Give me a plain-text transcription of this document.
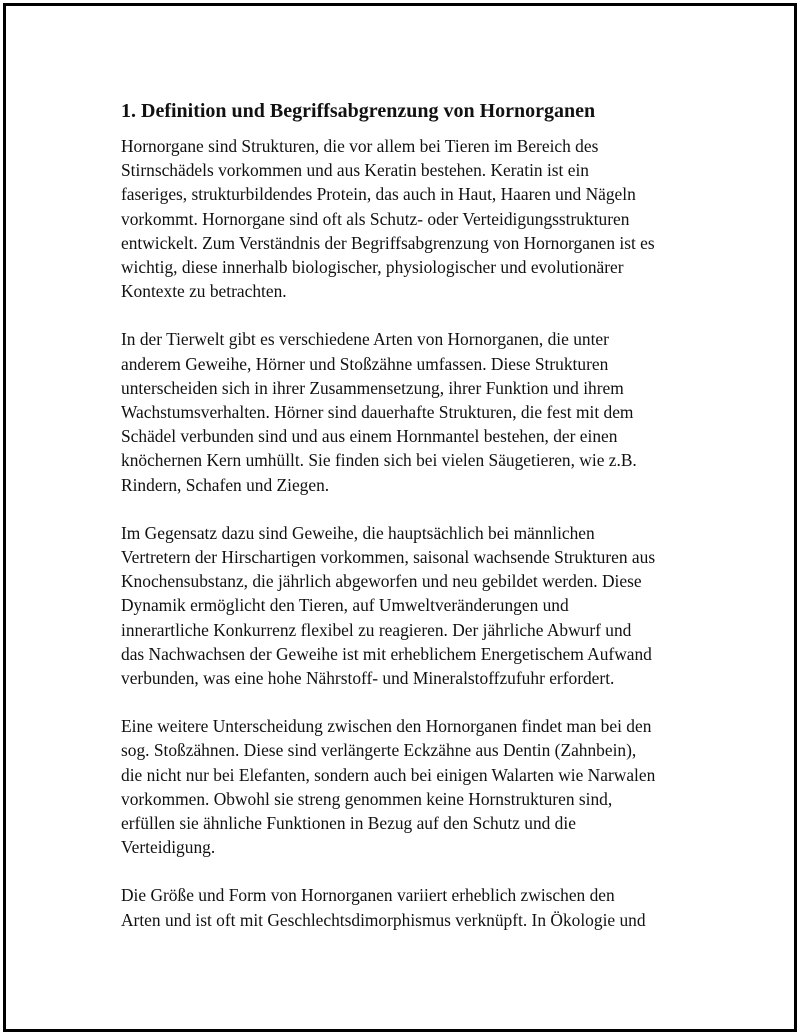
1. Definition und Begriffsabgrenzung von Hornorganen

Hornorgane sind Strukturen, die vor allem bei Tieren im Bereich des
Stirnschädels vorkommen und aus Keratin bestehen. Keratin ist ein
faseriges, strukturbildendes Protein, das auch in Haut, Haaren und Nägeln
vorkommt. Hornorgane sind oft als Schutz- oder Verteidigungsstrukturen
entwickelt. Zum Verständnis der Begriffsabgrenzung von Hornorganen ist es
wichtig, diese innerhalb biologischer, physiologischer und evolutionärer
Kontexte zu betrachten.

In der Tierwelt gibt es verschiedene Arten von Hornorganen, die unter
anderem Geweihe, Hörner und Stoßzähne umfassen. Diese Strukturen
unterscheiden sich in ihrer Zusammensetzung, ihrer Funktion und ihrem
Wachstumsverhalten. Hörner sind dauerhafte Strukturen, die fest mit dem
Schädel verbunden sind und aus einem Hornmantel bestehen, der einen
knöchernen Kern umhüllt. Sie finden sich bei vielen Säugetieren, wie z.B.
Rindern, Schafen und Ziegen.

Im Gegensatz dazu sind Geweihe, die hauptsächlich bei männlichen
Vertretern der Hirschartigen vorkommen, saisonal wachsende Strukturen aus
Knochensubstanz, die jährlich abgeworfen und neu gebildet werden. Diese
Dynamik ermöglicht den Tieren, auf Umweltveränderungen und
innerartliche Konkurrenz flexibel zu reagieren. Der jährliche Abwurf und
das Nachwachsen der Geweihe ist mit erheblichem Energetischem Aufwand
verbunden, was eine hohe Nährstoff- und Mineralstoffzufuhr erfordert.

Eine weitere Unterscheidung zwischen den Hornorganen findet man bei den
sog. Stoßzähnen. Diese sind verlängerte Eckzähne aus Dentin (Zahnbein),
die nicht nur bei Elefanten, sondern auch bei einigen Walarten wie Narwalen
vorkommen. Obwohl sie streng genommen keine Hornstrukturen sind,
erfüllen sie ähnliche Funktionen in Bezug auf den Schutz und die
Verteidigung.

Die Größe und Form von Hornorganen variiert erheblich zwischen den
Arten und ist oft mit Geschlechtsdimorphismus verknüpft. In Ökologie und
